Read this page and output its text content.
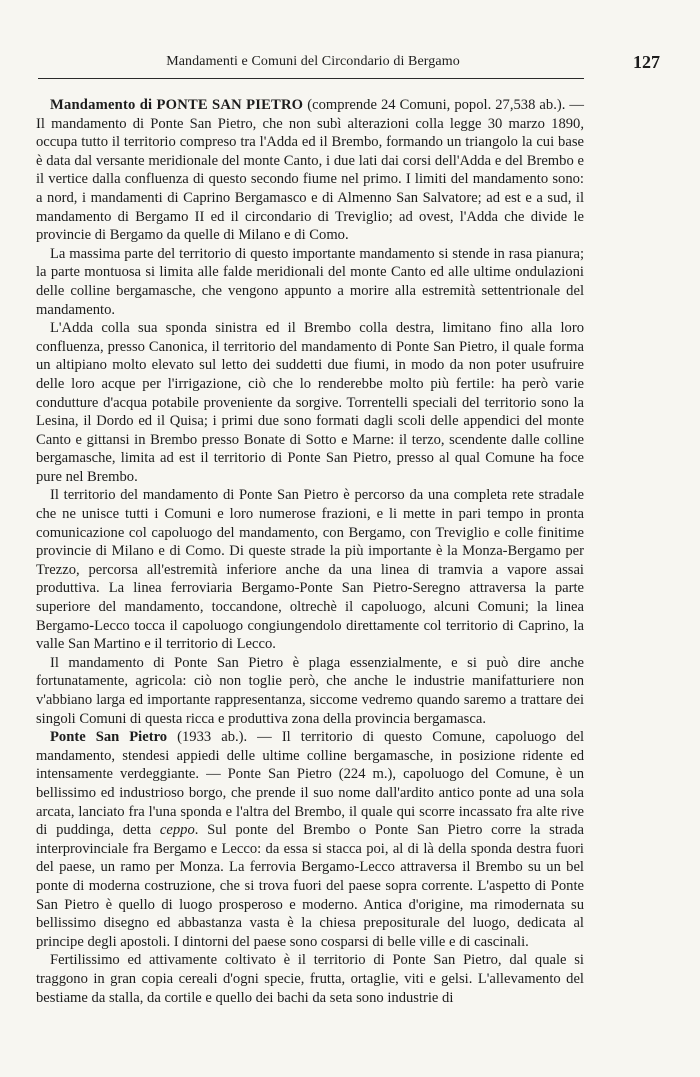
Mandamenti e Comuni del Circondario di Bergamo	127

Mandamento di PONTE SAN PIETRO (comprende 24 Comuni, popol. 27,538 ab.). — Il mandamento di Ponte San Pietro, che non subì alterazioni colla legge 30 marzo 1890, occupa tutto il territorio compreso tra l'Adda ed il Brembo, formando un triangolo la cui base è data dal versante meridionale del monte Canto, i due lati dai corsi dell'Adda e del Brembo e il vertice dalla confluenza di questo secondo fiume nel primo. I limiti del mandamento sono: a nord, i mandamenti di Caprino Bergamasco e di Almenno San Salvatore; ad est e a sud, il mandamento di Bergamo II ed il circondario di Treviglio; ad ovest, l'Adda che divide le provincie di Bergamo da quelle di Milano e di Como.

La massima parte del territorio di questo importante mandamento si stende in rasa pianura; la parte montuosa si limita alle falde meridionali del monte Canto ed alle ultime ondulazioni delle colline bergamasche, che vengono appunto a morire alla estremità settentrionale del mandamento.

L'Adda colla sua sponda sinistra ed il Brembo colla destra, limitano fino alla loro confluenza, presso Canonica, il territorio del mandamento di Ponte San Pietro, il quale forma un altipiano molto elevato sul letto dei suddetti due fiumi, in modo da non poter usufruire delle loro acque per l'irrigazione, ciò che lo renderebbe molto più fertile: ha però varie condutture d'acqua potabile proveniente da sorgive. Torrentelli speciali del territorio sono la Lesina, il Dordo ed il Quisa; i primi due sono formati dagli scoli delle appendici del monte Canto e gittansi in Brembo presso Bonate di Sotto e Marne: il terzo, scendente dalle colline bergamasche, limita ad est il territorio di Ponte San Pietro, presso al qual Comune ha foce pure nel Brembo.

Il territorio del mandamento di Ponte San Pietro è percorso da una completa rete stradale che ne unisce tutti i Comuni e loro numerose frazioni, e li mette in pari tempo in pronta comunicazione col capoluogo del mandamento, con Bergamo, con Treviglio e colle finitime provincie di Milano e di Como. Di queste strade la più importante è la Monza-Bergamo per Trezzo, percorsa all'estremità inferiore anche da una linea di tramvia a vapore assai produttiva. La linea ferroviaria Bergamo-Ponte San Pietro-Seregno attraversa la parte superiore del mandamento, toccandone, oltrechè il capoluogo, alcuni Comuni; la linea Bergamo-Lecco tocca il capoluogo congiungendolo direttamente col territorio di Caprino, la valle San Martino e il territorio di Lecco.

Il mandamento di Ponte San Pietro è plaga essenzialmente, e si può dire anche fortunatamente, agricola: ciò non toglie però, che anche le industrie manifatturiere non v'abbiano larga ed importante rappresentanza, siccome vedremo quando saremo a trattare dei singoli Comuni di questa ricca e produttiva zona della provincia bergamasca.

Ponte San Pietro (1933 ab.). — Il territorio di questo Comune, capoluogo del mandamento, stendesi appiedi delle ultime colline bergamasche, in posizione ridente ed intensamente verdeggiante. — Ponte San Pietro (224 m.), capoluogo del Comune, è un bellissimo ed industrioso borgo, che prende il suo nome dall'ardito antico ponte ad una sola arcata, lanciato fra l'una sponda e l'altra del Brembo, il quale qui scorre incassato fra alte rive di puddinga, detta ceppo. Sul ponte del Brembo o Ponte San Pietro corre la strada interprovinciale fra Bergamo e Lecco: da essa si stacca poi, al di là della sponda destra fuori del paese, un ramo per Monza. La ferrovia Bergamo-Lecco attraversa il Brembo su un bel ponte di moderna costruzione, che si trova fuori del paese sopra corrente. L'aspetto di Ponte San Pietro è quello di luogo prosperoso e moderno. Antica d'origine, ma rimodernata su bellissimo disegno ed abbastanza vasta è la chiesa prepositurale del luogo, dedicata al principe degli apostoli. I dintorni del paese sono cosparsi di belle ville e di cascinali.

Fertilissimo ed attivamente coltivato è il territorio di Ponte San Pietro, dal quale si traggono in gran copia cereali d'ogni specie, frutta, ortaglie, viti e gelsi. L'allevamento del bestiame da stalla, da cortile e quello dei bachi da seta sono industrie di
